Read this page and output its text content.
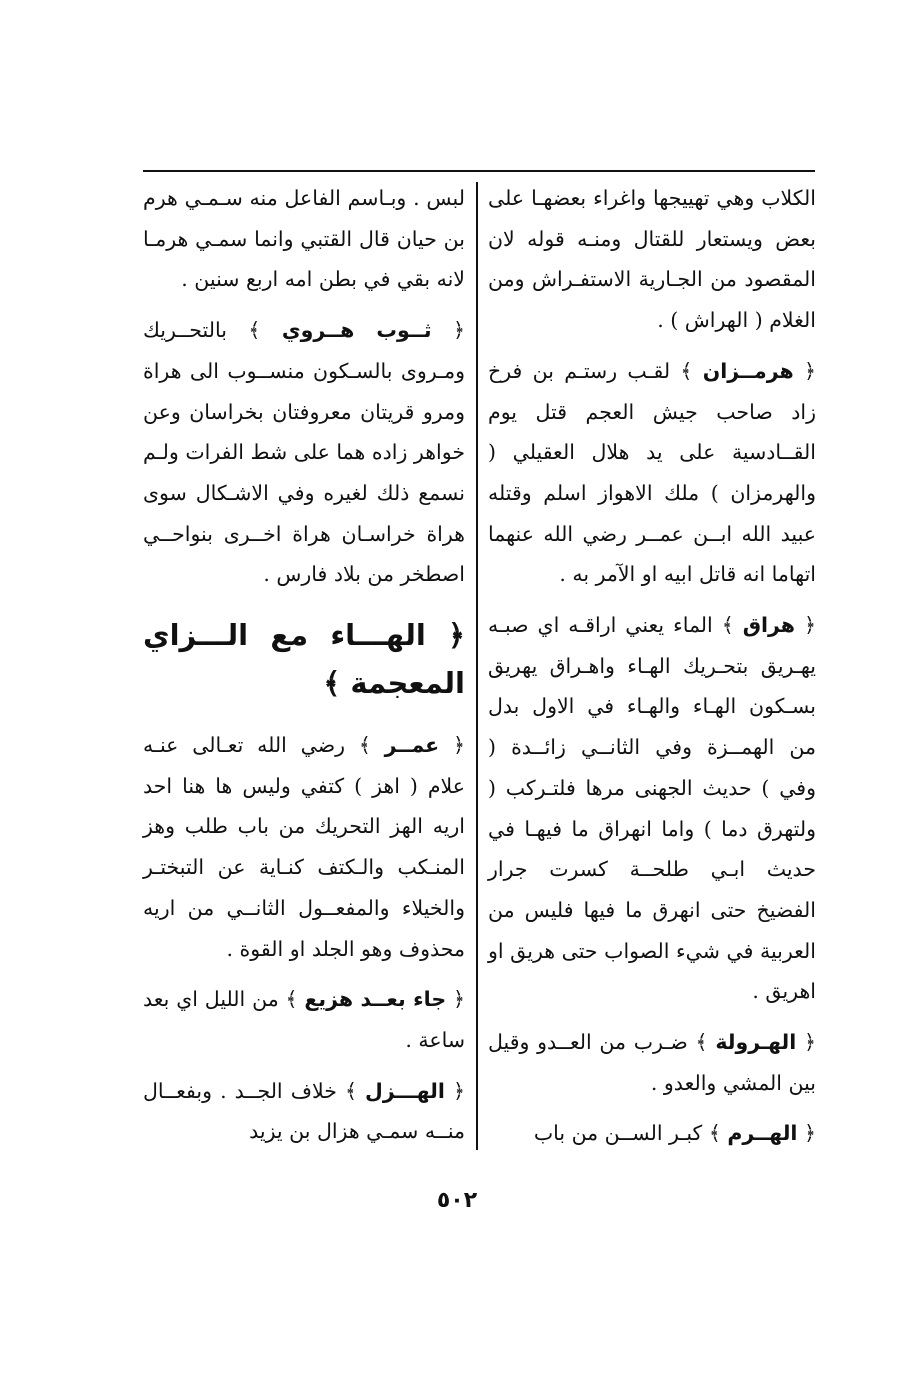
الكلاب وهي تهييجها واغراء بعضهـا على بعض ويستعار للقتال ومنـه قوله لان المقصود من الجـارية الاستفـراش ومن الغلام ( الهراش ) .

﴿ هرمــزان ﴾ لقـب رستـم بن فرخ زاد صاحب جيش العجم قتل يوم القــادسية على يد هلال العقيلي ( والهرمزان ) ملك الاهواز اسلم وقتله عبيد الله ابــن عمــر رضي الله عنهما اتهاما انه قاتل ابيه او الآمر به .

﴿ هراق ﴾ الماء يعني اراقـه اي صبـه يهـريق بتحـريك الهـاء واهـراق يهريق بسـكون الهـاء والهـاء في الاول بدل من الهمــزة وفي الثانــي زائــدة ( وفي ) حديث الجهنى مرها فلتـركب ( ولتهرق دما ) واما انهراق ما فيهـا في حديث ابـي طلحــة كسرت جرار الفضيخ حتى انهرق ما فيها فليس من العربية في شيء الصواب حتى هريق او اهريق .

﴿ الهـرولة ﴾ ضـرب من العــدو وقيل بين المشي والعدو .

﴿ الهــرم ﴾ كبـر الســن من باب

لبس . وبـاسم الفاعل منه سـمـي هرم بن حيان قال القتبي وانما سمـي هرمـا لانه بقي في بطن امه اربع سنين .

﴿ ثــوب هــروي ﴾ بالتحــريك ومـروى بالسـكون منســوب الى هراة ومرو قريتان معروفتان بخراسان وعن خواهر زاده هما على شط الفرات ولـم نسمع ذلك لغيره وفي الاشـكال سوى هراة خراسـان هراة اخــرى بنواحــي اصطخر من بلاد فارس .

﴿ الهـــاء مع الـــزاي المعجمة ﴾

﴿ عمــر ﴾ رضي الله تعـالى عنـه علام ( اهز ) كتفي وليس ها هنا احد اريه الهز التحريك من باب طلب وهز المنـكب والـكتف كنـاية عن التبختـر والخيلاء والمفعــول الثانــي من اريه محذوف وهو الجلد او القوة .

﴿ جاء بعــد هزيع ﴾ من الليل اي بعد ساعة .

﴿ الهـــزل ﴾ خلاف الجــد . وبفعــال منــه سمـي هزال بن يزيد

٥٠٢
